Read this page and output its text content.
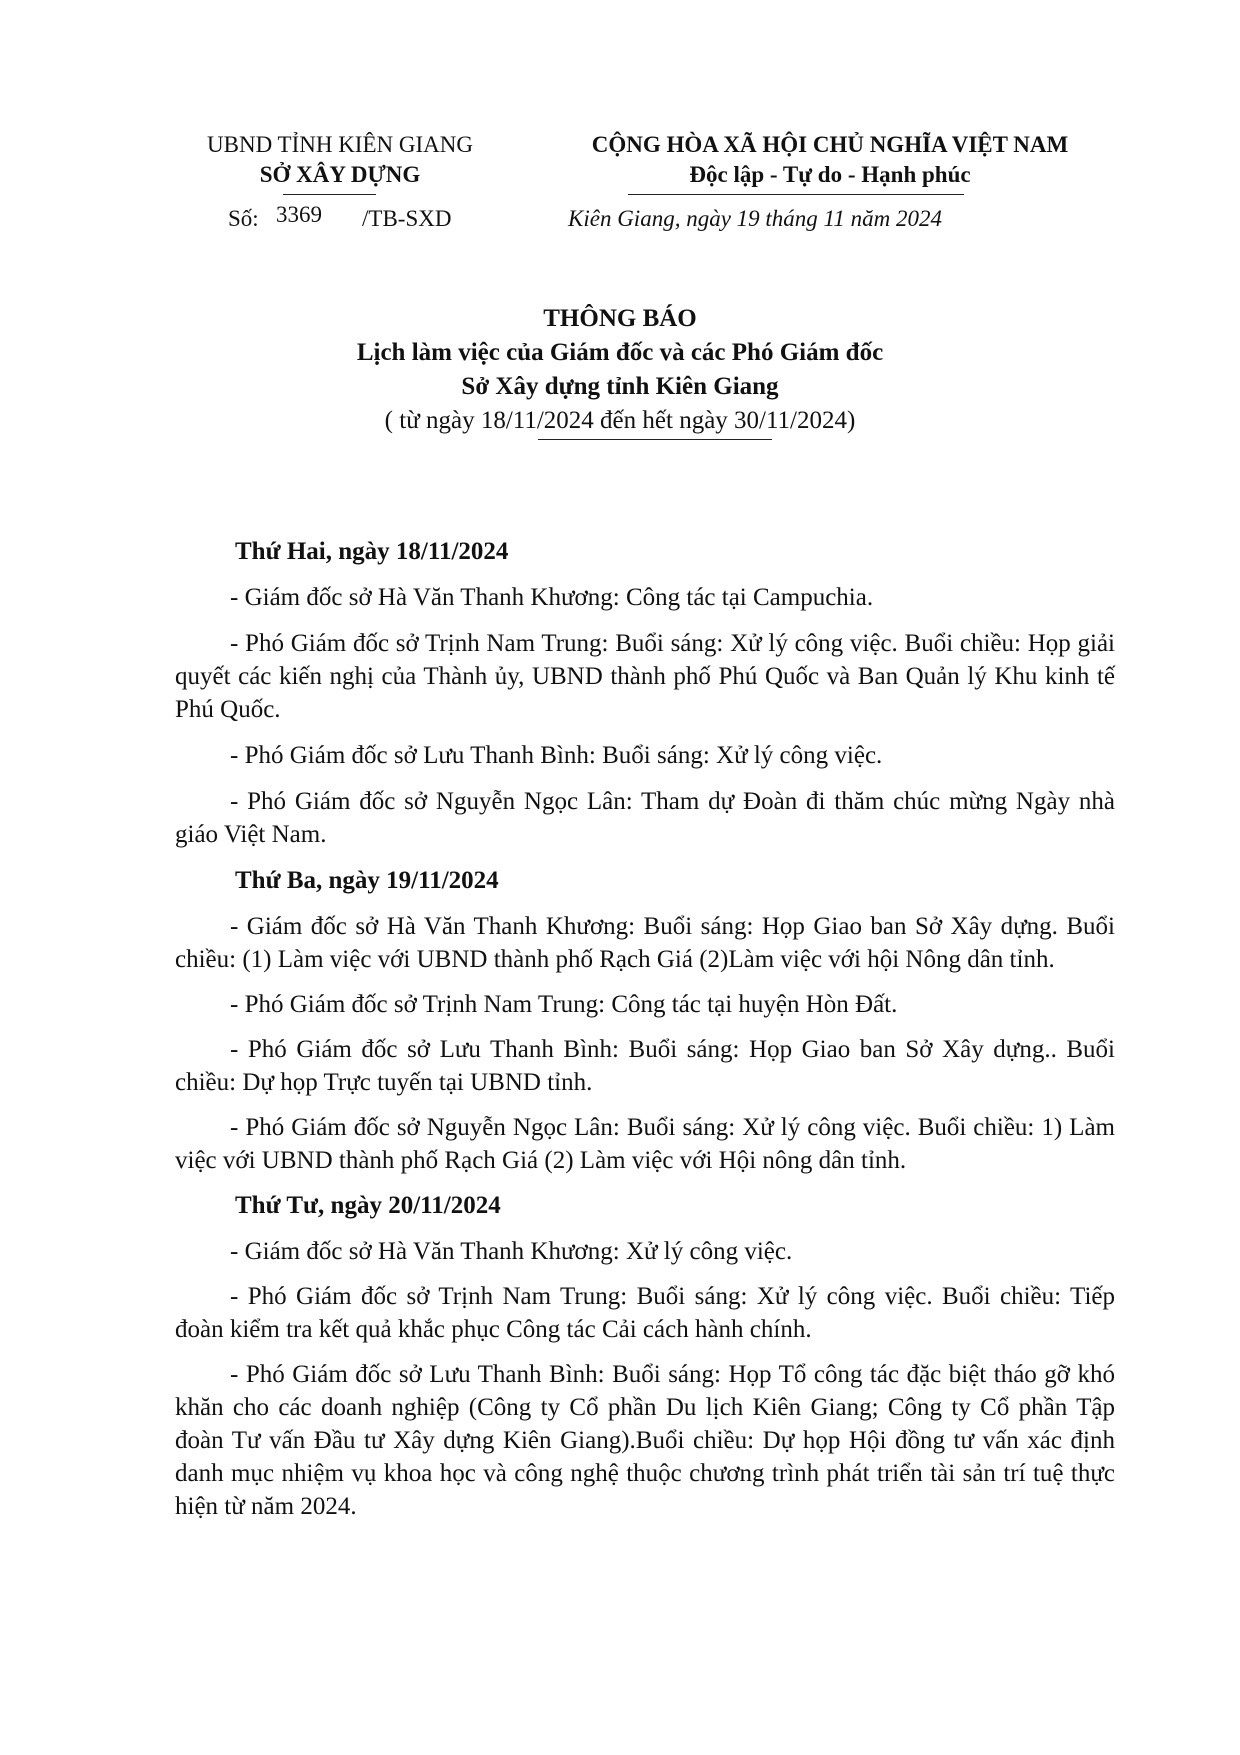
UBND TỈNH KIÊN GIANG
SỞ XÂY DỰNG
Số: 3369 /TB-SXD
CỘNG HÒA XÃ HỘI CHỦ NGHĨA VIỆT NAM
Độc lập - Tự do - Hạnh phúc
Kiên Giang, ngày 19 tháng 11 năm 2024
THÔNG BÁO
Lịch làm việc của Giám đốc và các Phó Giám đốc
Sở Xây dựng tỉnh Kiên Giang
( từ ngày 18/11/2024 đến hết ngày 30/11/2024)
Thứ Hai, ngày 18/11/2024
- Giám đốc sở Hà Văn Thanh Khương: Công tác tại Campuchia.
- Phó Giám đốc sở Trịnh Nam Trung: Buổi sáng: Xử lý công việc. Buổi chiều: Họp giải quyết các kiến nghị của Thành ủy, UBND thành phố Phú Quốc và Ban Quản lý Khu kinh tế Phú Quốc.
- Phó Giám đốc sở Lưu Thanh Bình: Buổi sáng: Xử lý công việc.
- Phó Giám đốc sở Nguyễn Ngọc Lân: Tham dự Đoàn đi thăm chúc mừng Ngày nhà giáo Việt Nam.
Thứ Ba, ngày 19/11/2024
- Giám đốc sở Hà Văn Thanh Khương: Buổi sáng: Họp Giao ban Sở Xây dựng. Buổi chiều: (1) Làm việc với UBND thành phố Rạch Giá (2)Làm việc với hội Nông dân tỉnh.
- Phó Giám đốc sở Trịnh Nam Trung: Công tác tại huyện Hòn Đất.
- Phó Giám đốc sở Lưu Thanh Bình: Buổi sáng: Họp Giao ban Sở Xây dựng.. Buổi chiều: Dự họp Trực tuyến tại UBND tỉnh.
- Phó Giám đốc sở Nguyễn Ngọc Lân: Buổi sáng: Xử lý công việc. Buổi chiều: 1) Làm việc với UBND thành phố Rạch Giá (2) Làm việc với Hội nông dân tỉnh.
Thứ Tư, ngày 20/11/2024
- Giám đốc sở Hà Văn Thanh Khương: Xử lý công việc.
- Phó Giám đốc sở Trịnh Nam Trung: Buổi sáng: Xử lý công việc. Buổi chiều: Tiếp đoàn kiểm tra kết quả khắc phục Công tác Cải cách hành chính.
- Phó Giám đốc sở Lưu Thanh Bình: Buổi sáng: Họp Tổ công tác đặc biệt tháo gỡ khó khăn cho các doanh nghiệp (Công ty Cổ phần Du lịch Kiên Giang; Công ty Cổ phần Tập đoàn Tư vấn Đầu tư Xây dựng Kiên Giang).Buổi chiều: Dự họp Hội đồng tư vấn xác định danh mục nhiệm vụ khoa học và công nghệ thuộc chương trình phát triển tài sản trí tuệ thực hiện từ năm 2024.
